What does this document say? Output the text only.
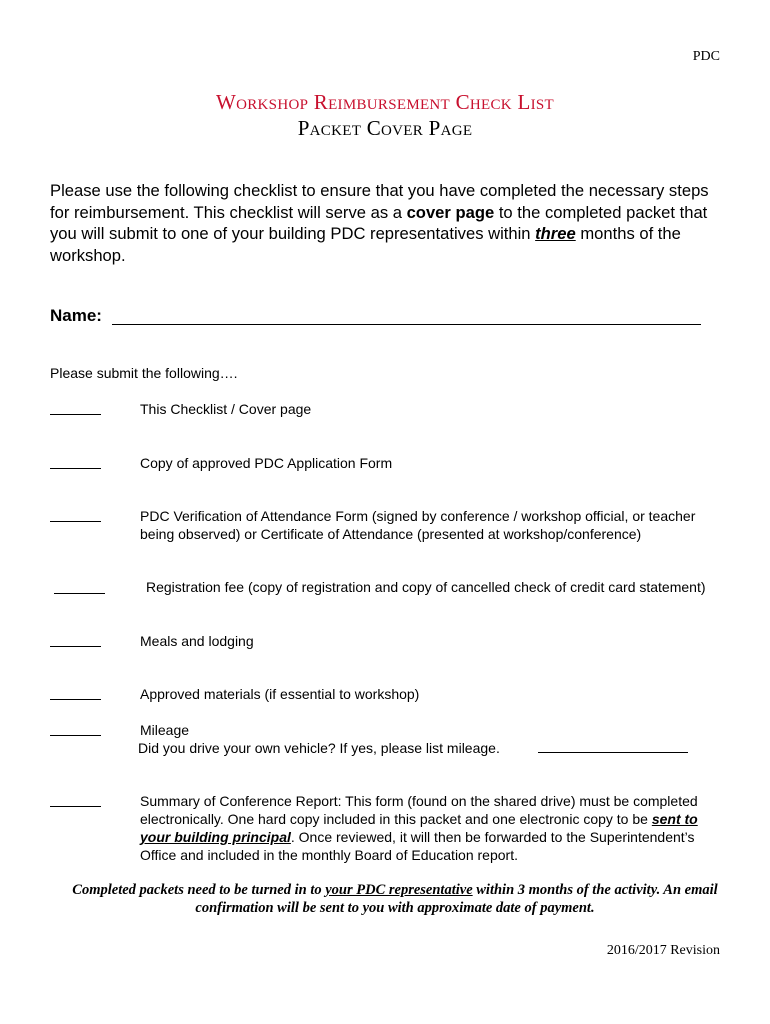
PDC
Workshop Reimbursement Check List
Packet Cover Page
Please use the following checklist to ensure that you have completed the necessary steps for reimbursement. This checklist will serve as a cover page to the completed packet that you will submit to one of your building PDC representatives within three months of the workshop.
Name:
Please submit the following….
This Checklist / Cover page
Copy of approved PDC Application Form
PDC Verification of Attendance Form (signed by conference / workshop official, or teacher being observed) or Certificate of Attendance (presented at workshop/conference)
Registration fee (copy of registration and copy of cancelled check of credit card statement)
Meals and lodging
Approved materials (if essential to workshop)
Mileage
Did you drive your own vehicle? If yes, please list mileage.
Summary of Conference Report: This form (found on the shared drive) must be completed electronically. One hard copy included in this packet and one electronic copy to be sent to your building principal. Once reviewed, it will then be forwarded to the Superintendent’s Office and included in the monthly Board of Education report.
Completed packets need to be turned in to your PDC representative within 3 months of the activity. An email confirmation will be sent to you with approximate date of payment.
2016/2017 Revision
